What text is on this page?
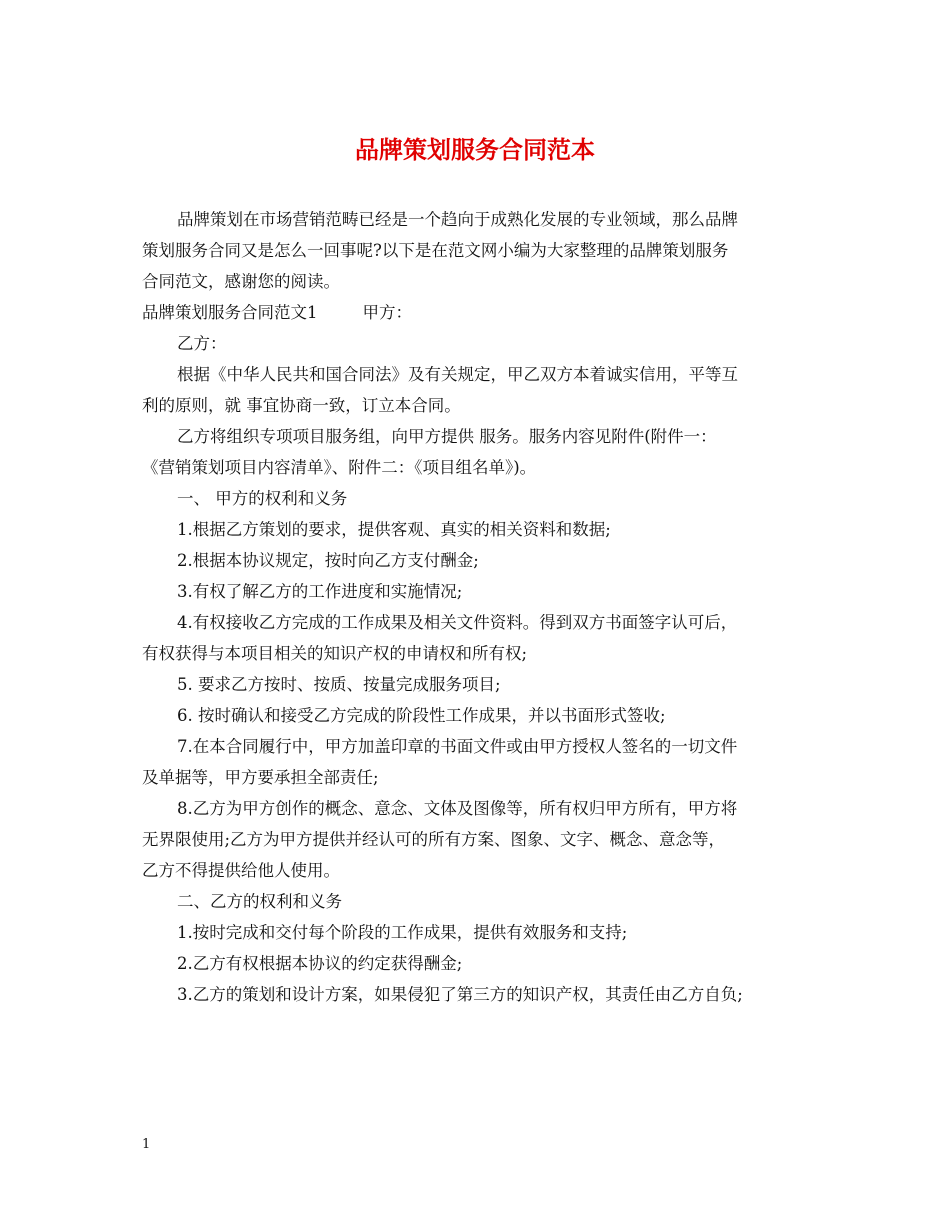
品牌策划服务合同范本
品牌策划在市场营销范畴已经是一个趋向于成熟化发展的专业领域，那么品牌
策划服务合同又是怎么一回事呢?以下是在范文网小编为大家整理的品牌策划服务
合同范文，感谢您的阅读。
品牌策划服务合同范文1	甲方：
乙方：
根据《中华人民共和国合同法》及有关规定，甲乙双方本着诚实信用，平等互
利的原则，就 事宜协商一致，订立本合同。
乙方将组织专项项目服务组，向甲方提供 服务。服务内容见附件(附件一：
《营销策划项目内容清单》、附件二：《项目组名单》)。
一、 甲方的权利和义务
1.根据乙方策划的要求，提供客观、真实的相关资料和数据;
2.根据本协议规定，按时向乙方支付酬金;
3.有权了解乙方的工作进度和实施情况;
4.有权接收乙方完成的工作成果及相关文件资料。得到双方书面签字认可后，
有权获得与本项目相关的知识产权的申请权和所有权;
5. 要求乙方按时、按质、按量完成服务项目;
6. 按时确认和接受乙方完成的阶段性工作成果，并以书面形式签收;
7.在本合同履行中，甲方加盖印章的书面文件或由甲方授权人签名的一切文件
及单据等，甲方要承担全部责任;
8.乙方为甲方创作的概念、意念、文体及图像等，所有权归甲方所有，甲方将
无界限使用;乙方为甲方提供并经认可的所有方案、图象、文字、概念、意念等，
乙方不得提供给他人使用。
二、乙方的权利和义务
1.按时完成和交付每个阶段的工作成果，提供有效服务和支持;
2.乙方有权根据本协议的约定获得酬金;
3.乙方的策划和设计方案，如果侵犯了第三方的知识产权，其责任由乙方自负;
1
